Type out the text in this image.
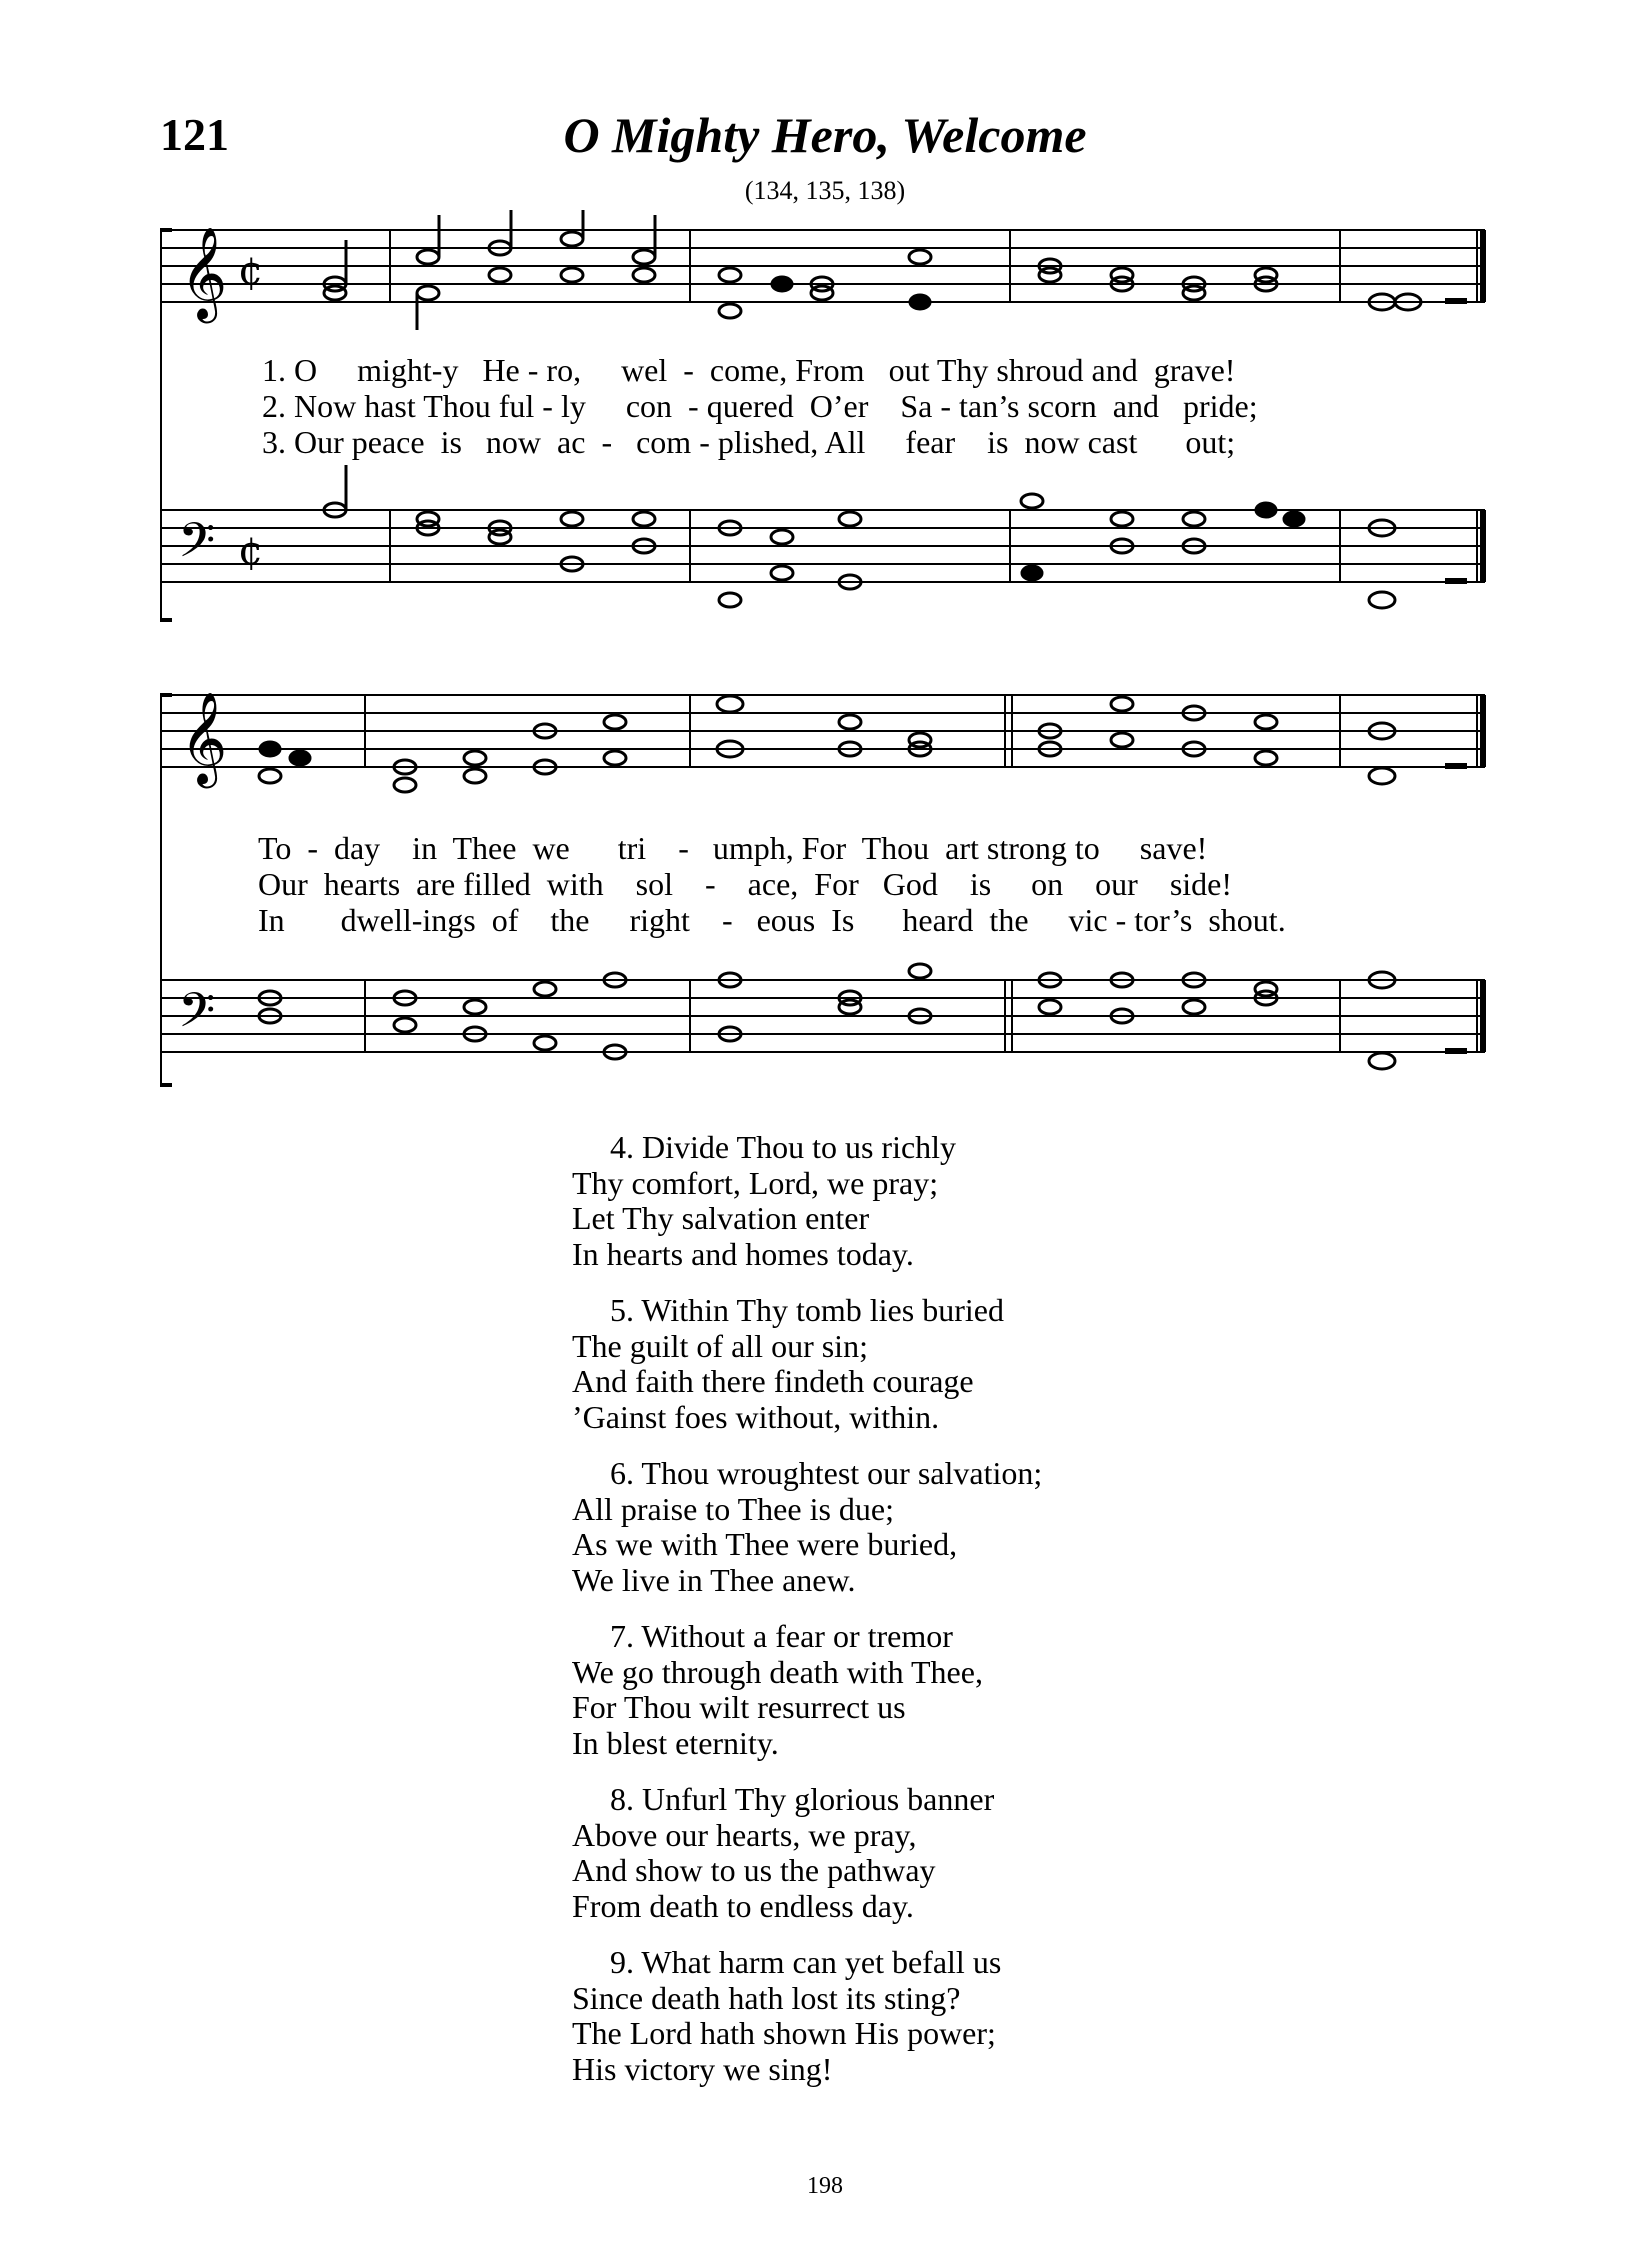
121	O Mighty Hero, Welcome
(134, 135, 138)
𝄞 ¢
𝄢 ¢
𝄞
𝄢
1. O     might-y   He - ro,     wel  -  come, From   out Thy shroud and  grave!
2. Now hast Thou ful - ly     con  - quered  O’er    Sa - tan’s scorn  and   pride;
3. Our peace  is   now  ac  -   com - plished, All     fear    is  now cast      out;
To  -  day    in  Thee  we      tri    -   umph, For  Thou  art strong to     save!
Our  hearts  are filled  with    sol    -    ace,  For   God    is     on    our    side!
In       dwell-ings  of    the     right    -   eous  Is      heard  the     vic - tor’s  shout.
4. Divide Thou to us richly
Thy comfort, Lord, we pray;
Let Thy salvation enter
In hearts and homes today.
5. Within Thy tomb lies buried
The guilt of all our sin;
And faith there findeth courage
’Gainst foes without, within.
6. Thou wroughtest our salvation;
All praise to Thee is due;
As we with Thee were buried,
We live in Thee anew.
7. Without a fear or tremor
We go through death with Thee,
For Thou wilt resurrect us
In blest eternity.
8. Unfurl Thy glorious banner
Above our hearts, we pray,
And show to us the pathway
From death to endless day.
9. What harm can yet befall us
Since death hath lost its sting?
The Lord hath shown His power;
His victory we sing!
198
